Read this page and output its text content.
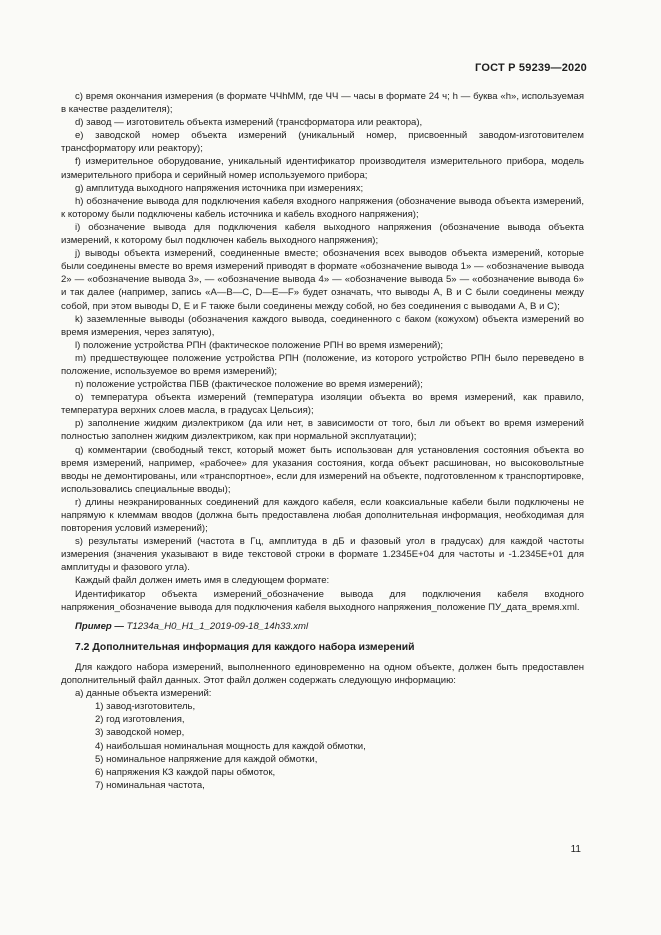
ГОСТ Р 59239—2020

c) время окончания измерения (в формате ЧЧhMM, где ЧЧ — часы в формате 24 ч; h — буква «h», используемая в качестве разделителя);

d) завод — изготовитель объекта измерений (трансформатора или реактора),

e) заводской номер объекта измерений (уникальный номер, присвоенный заводом-изготовителем трансформатору или реактору);

f) измерительное оборудование, уникальный идентификатор производителя измерительного прибора, модель измерительного прибора и серийный номер используемого прибора;

g) амплитуда выходного напряжения источника при измерениях;

h) обозначение вывода для подключения кабеля входного напряжения (обозначение вывода объекта измерений, к которому были подключены кабель источника и кабель входного напряжения);

i) обозначение вывода для подключения кабеля выходного напряжения (обозначение вывода объекта измерений, к которому был подключен кабель выходного напряжения);

j) выводы объекта измерений, соединенные вместе; обозначения всех выводов объекта измерений, которые были соединены вместе во время измерений приводят в формате «обозначение вывода 1» — «обозначение вывода 2» — «обозначение вывода 3», — «обозначение вывода 4» — «обозначение вывода 5» — «обозначение вывода 6» и так далее (например, запись «A—B—C, D—E—F» будет означать, что выводы A, B и C были соединены между собой, при этом выводы D, E и F также были соединены между собой, но без соединения с выводами A, B и C);

k) заземленные выводы (обозначения каждого вывода, соединенного с баком (кожухом) объекта измерений во время измерения, через запятую),

l) положение устройства РПН (фактическое положение РПН во время измерений);

m) предшествующее положение устройства РПН (положение, из которого устройство РПН было переведено в положение, используемое во время измерений);

n) положение устройства ПБВ (фактическое положение во время измерений);

o) температура объекта измерений (температура изоляции объекта во время измерений, как правило, температура верхних слоев масла, в градусах Цельсия);

p) заполнение жидким диэлектриком (да или нет, в зависимости от того, был ли объект во время измерений полностью заполнен жидким диэлектриком, как при нормальной эксплуатации);

q) комментарии (свободный текст, который может быть использован для установления состояния объекта во время измерений, например, «рабочее» для указания состояния, когда объект расшинован, но высоковольтные вводы не демонтированы, или «транспортное», если для измерений на объекте, подготовленном к транспортировке, использовались специальные вводы);

r) длины неэкранированных соединений для каждого кабеля, если коаксиальные кабели были подключены не напрямую к клеммам вводов (должна быть предоставлена любая дополнительная информация, необходимая для повторения условий измерений);

s) результаты измерений (частота в Гц, амплитуда в дБ и фазовый угол в градусах) для каждой частоты измерения (значения указывают в виде текстовой строки в формате 1.2345E+04 для частоты и -1.2345E+01 для амплитуды и фазового угла).

Каждый файл должен иметь имя в следующем формате:

Идентификатор объекта измерений_обозначение вывода для подключения кабеля входного напряжения_обозначение вывода для подключения кабеля выходного напряжения_положение ПУ_дата_время.xml.

Пример — T1234a_H0_H1_1_2019-09-18_14h33.xml

7.2 Дополнительная информация для каждого набора измерений

Для каждого набора измерений, выполненного единовременно на одном объекте, должен быть предоставлен дополнительный файл данных. Этот файл должен содержать следующую информацию:

a) данные объекта измерений:

1) завод-изготовитель,

2) год изготовления,

3) заводской номер,

4) наибольшая номинальная мощность для каждой обмотки,

5) номинальное напряжение для каждой обмотки,

6) напряжения КЗ каждой пары обмоток,

7) номинальная частота,

11
